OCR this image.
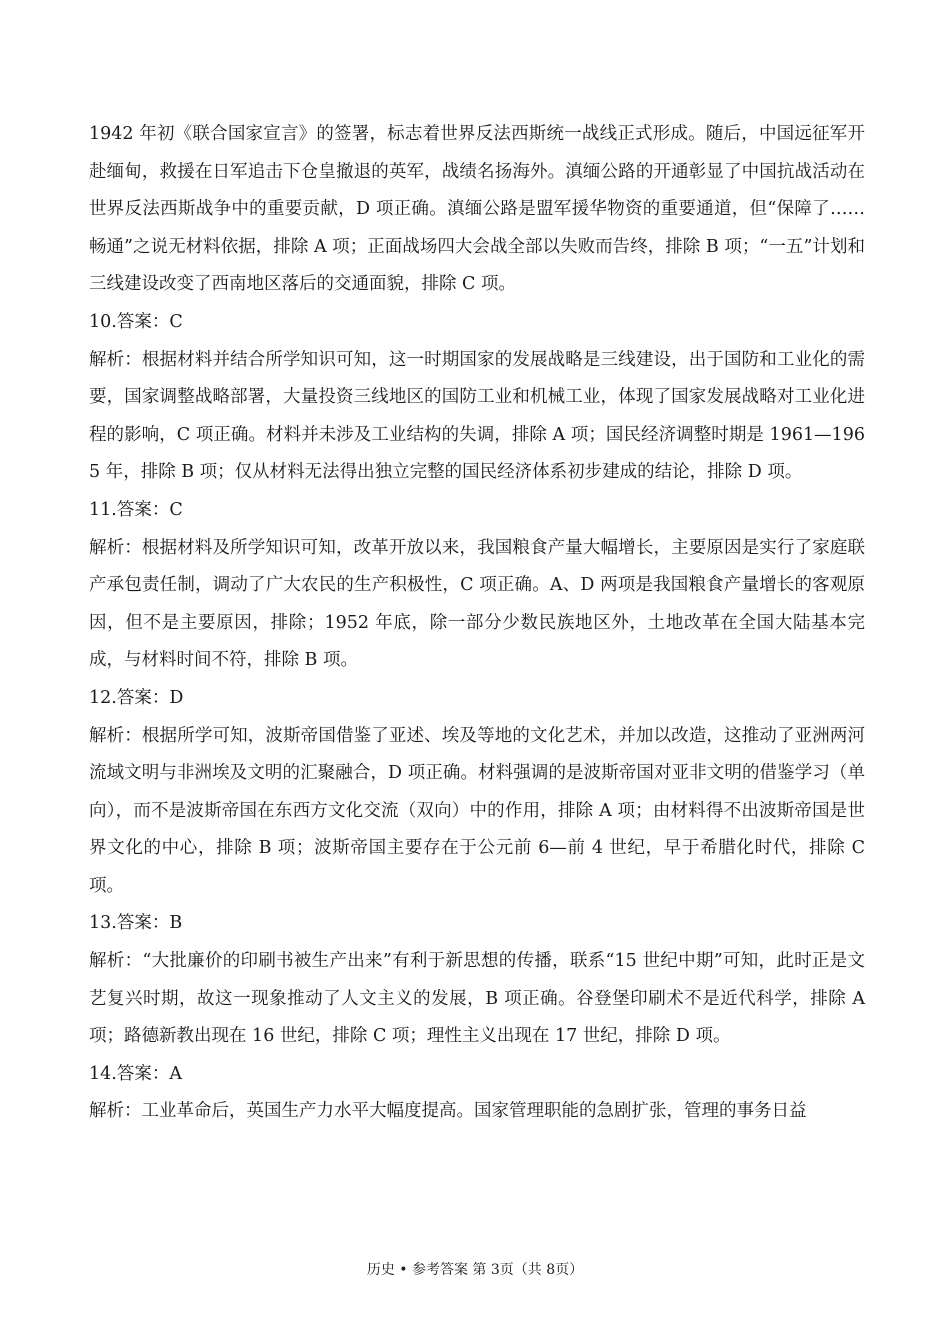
1942 年初《联合国家宣言》的签署，标志着世界反法西斯统一战线正式形成。随后，中国远征军开赴缅甸，救援在日军追击下仓皇撤退的英军，战绩名扬海外。滇缅公路的开通彰显了中国抗战活动在世界反法西斯战争中的重要贡献，D 项正确。滇缅公路是盟军援华物资的重要通道，但“保障了……畅通”之说无材料依据，排除 A 项；正面战场四大会战全部以失败而告终，排除 B 项；“一五”计划和三线建设改变了西南地区落后的交通面貌，排除 C 项。

10.答案：C

解析：根据材料并结合所学知识可知，这一时期国家的发展战略是三线建设，出于国防和工业化的需要，国家调整战略部署，大量投资三线地区的国防工业和机械工业，体现了国家发展战略对工业化进程的影响，C 项正确。材料并未涉及工业结构的失调，排除 A 项；国民经济调整时期是 1961—1965 年，排除 B 项；仅从材料无法得出独立完整的国民经济体系初步建成的结论，排除 D 项。

11.答案：C

解析：根据材料及所学知识可知，改革开放以来，我国粮食产量大幅增长，主要原因是实行了家庭联产承包责任制，调动了广大农民的生产积极性，C 项正确。A、D 两项是我国粮食产量增长的客观原因，但不是主要原因，排除；1952 年底，除一部分少数民族地区外，土地改革在全国大陆基本完成，与材料时间不符，排除 B 项。

12.答案：D

解析：根据所学可知，波斯帝国借鉴了亚述、埃及等地的文化艺术，并加以改造，这推动了亚洲两河流域文明与非洲埃及文明的汇聚融合，D 项正确。材料强调的是波斯帝国对亚非文明的借鉴学习（单向），而不是波斯帝国在东西方文化交流（双向）中的作用，排除 A 项；由材料得不出波斯帝国是世界文化的中心，排除 B 项；波斯帝国主要存在于公元前 6—前 4 世纪，早于希腊化时代，排除 C 项。

13.答案：B

解析：“大批廉价的印刷书被生产出来”有利于新思想的传播，联系“15 世纪中期”可知，此时正是文艺复兴时期，故这一现象推动了人文主义的发展，B 项正确。谷登堡印刷术不是近代科学，排除 A 项；路德新教出现在 16 世纪，排除 C 项；理性主义出现在 17 世纪，排除 D 项。

14.答案：A

解析：工业革命后，英国生产力水平大幅度提高。国家管理职能的急剧扩张，管理的事务日益

历史 • 参考答案 第 3页（共 8页）
